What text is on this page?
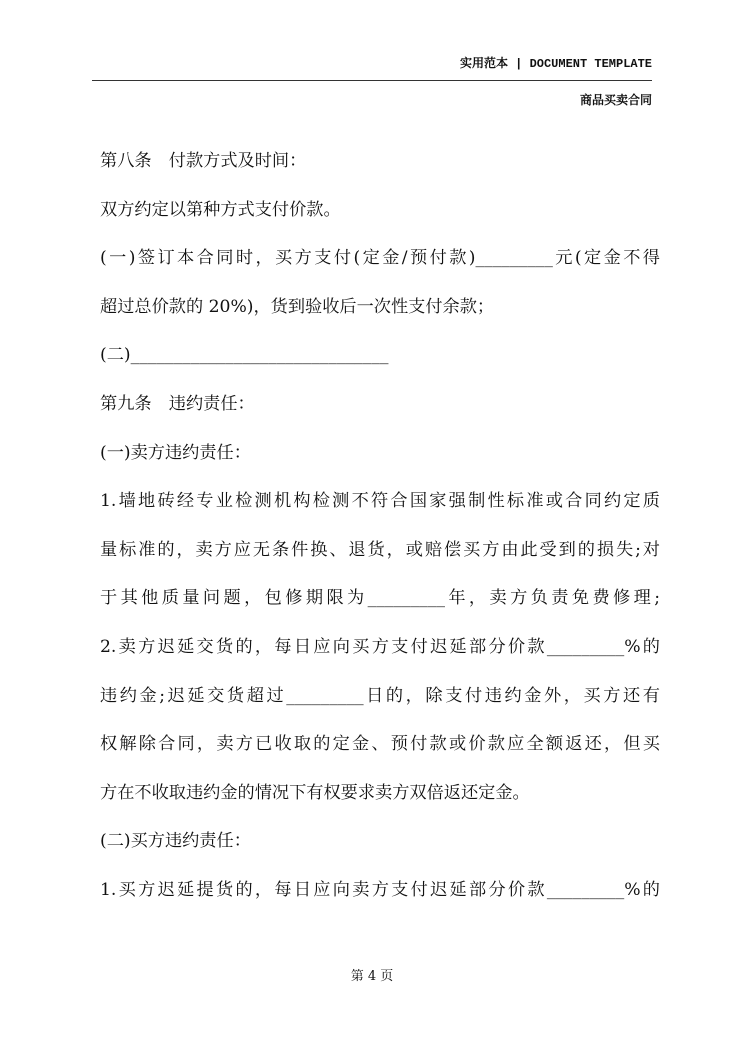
实用范本 | DOCUMENT TEMPLATE
商品买卖合同
第八条　付款方式及时间：
双方约定以第种方式支付价款。
(一)签订本合同时，买方支付(定金/预付款)_________元(定金不得
超过总价款的 20%)，货到验收后一次性支付余款；
(二)______________________________
第九条　违约责任：
(一)卖方违约责任：
1.墙地砖经专业检测机构检测不符合国家强制性标准或合同约定质
量标准的，卖方应无条件换、退货，或赔偿买方由此受到的损失;对
于其他质量问题，包修期限为_________年，卖方负责免费修理;
2.卖方迟延交货的，每日应向买方支付迟延部分价款_________%的
违约金;迟延交货超过_________日的，除支付违约金外，买方还有
权解除合同，卖方已收取的定金、预付款或价款应全额返还，但买
方在不收取违约金的情况下有权要求卖方双倍返还定金。
(二)买方违约责任：
1.买方迟延提货的，每日应向卖方支付迟延部分价款_________%的
第 4 页
